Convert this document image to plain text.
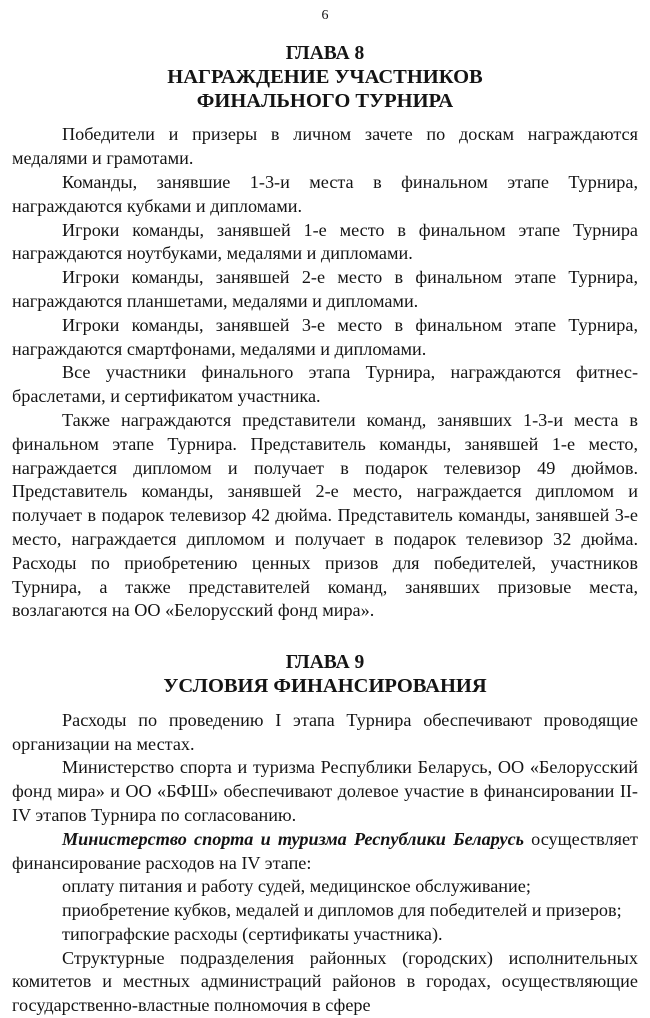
6
ГЛАВА 8
НАГРАЖДЕНИЕ УЧАСТНИКОВ
ФИНАЛЬНОГО ТУРНИРА

Победители и призеры в личном зачете по доскам награждаются медалями и грамотами.

Команды, занявшие 1-3-и места в финальном этапе Турнира, награждаются кубками и дипломами.

Игроки команды, занявшей 1-е место в финальном этапе Турнира награждаются ноутбуками, медалями и дипломами.

Игроки команды, занявшей 2-е место в финальном этапе Турнира, награждаются планшетами, медалями и дипломами.

Игроки команды, занявшей 3-е место в финальном этапе Турнира, награждаются смартфонами, медалями и дипломами.

Все участники финального этапа Турнира, награждаются фитнес-браслетами, и сертификатом участника.

Также награждаются представители команд, занявших 1-3-и места в финальном этапе Турнира. Представитель команды, занявшей 1-е место, награждается дипломом и получает в подарок телевизор 49 дюймов. Представитель команды, занявшей 2-е место, награждается дипломом и получает в подарок телевизор 42 дюйма. Представитель команды, занявшей 3-е место, награждается дипломом и получает в подарок телевизор 32 дюйма. Расходы по приобретению ценных призов для победителей, участников Турнира, а также представителей команд, занявших призовые места, возлагаются на ОО «Белорусский фонд мира».

ГЛАВА 9
УСЛОВИЯ ФИНАНСИРОВАНИЯ

Расходы по проведению I этапа Турнира обеспечивают проводящие организации на местах.

Министерство спорта и туризма Республики Беларусь, ОО «Белорусский фонд мира» и ОО «БФШ» обеспечивают долевое участие в финансировании II-IV этапов Турнира по согласованию.

Министерство спорта и туризма Республики Беларусь осуществляет финансирование расходов на IV этапе:

оплату питания и работу судей, медицинское обслуживание;

приобретение кубков, медалей и дипломов для победителей и призеров;

типографские расходы (сертификаты участника).

Структурные подразделения районных (городских) исполнительных комитетов и местных администраций районов в городах, осуществляющие государственно-властные полномочия в сфере
